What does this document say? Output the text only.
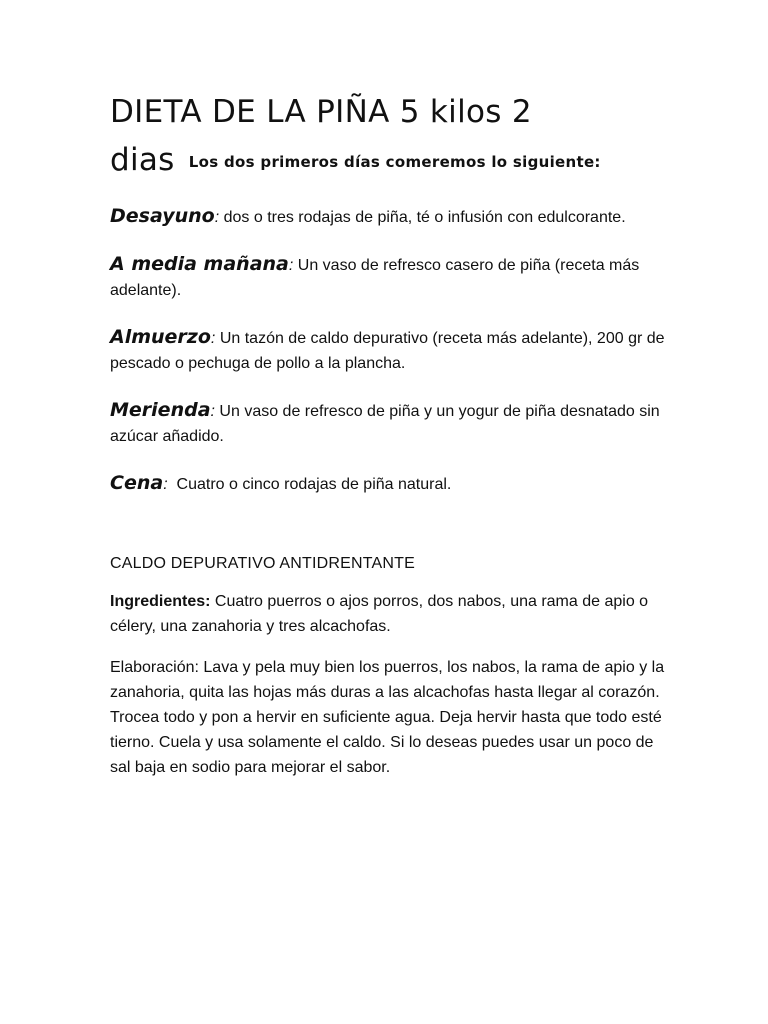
DIETA DE LA PIÑA 5 kilos 2
dias Los dos primeros días comeremos lo siguiente:
Desayuno: dos o tres rodajas de piña, té o infusión con edulcorante.
A media mañana: Un vaso de refresco casero de piña (receta más adelante).
Almuerzo: Un tazón de caldo depurativo (receta más adelante), 200 gr de pescado o pechuga de pollo a la plancha.
Merienda: Un vaso de refresco de piña y un yogur de piña desnatado sin azúcar añadido.
Cena:  Cuatro o cinco rodajas de piña natural.
CALDO DEPURATIVO ANTIDRENTANTE
Ingredientes: Cuatro puerros o ajos porros, dos nabos, una rama de apio o célery, una zanahoria y tres alcachofas.
Elaboración: Lava y pela muy bien los puerros, los nabos, la rama de apio y la zanahoria, quita las hojas más duras a las alcachofas hasta llegar al corazón. Trocea todo y pon a hervir en suficiente agua. Deja hervir hasta que todo esté tierno. Cuela y usa solamente el caldo. Si lo deseas puedes usar un poco de sal baja en sodio para mejorar el sabor.
